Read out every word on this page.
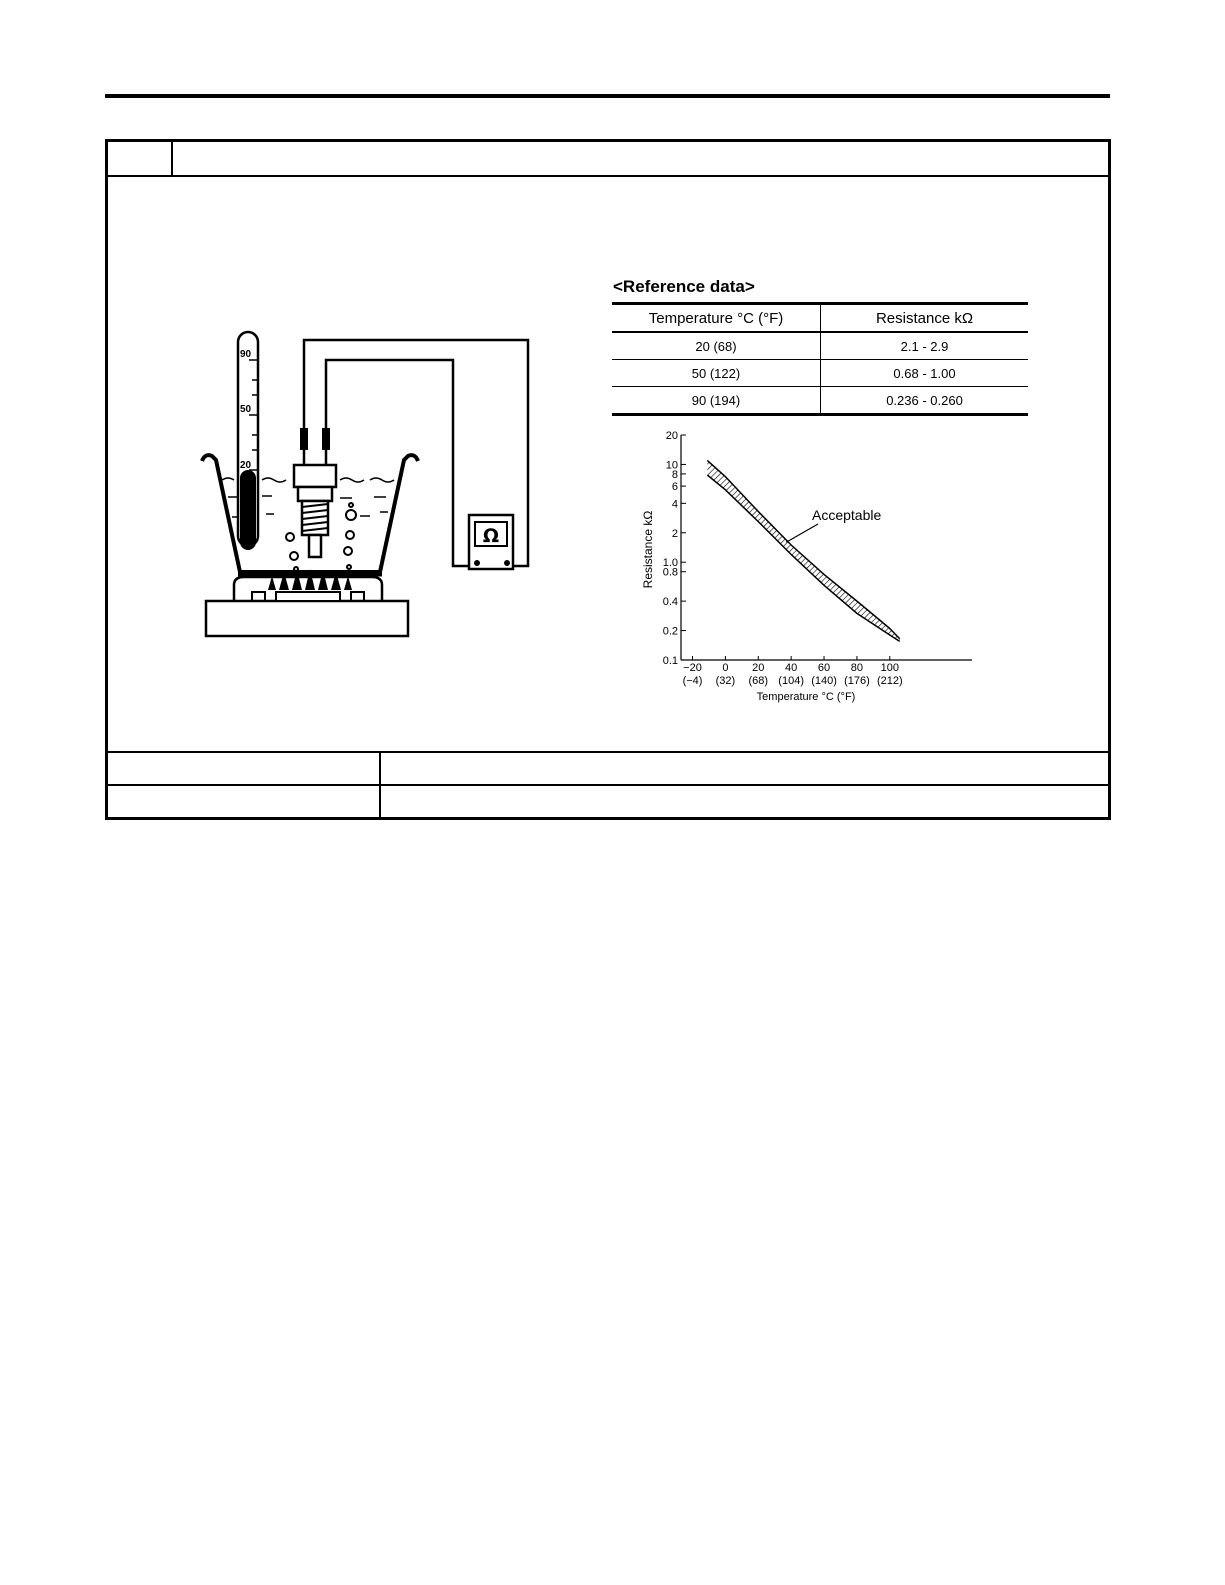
90
50
20
Ω
<Reference data>
Temperature °C (°F)	Resistance kΩ
20 (68)	2.1 - 2.9
50 (122)	0.68 - 1.00
90 (194)	0.236 - 0.260
20
10
8
6
4
2
1.0
0.8
0.4
0.2
0.1
−20
(−4)
0
(32)
20
(68)
40
(104)
60
(140)
80
(176)
100
(212)
Resistance kΩ
Temperature °C (°F)
Acceptable
